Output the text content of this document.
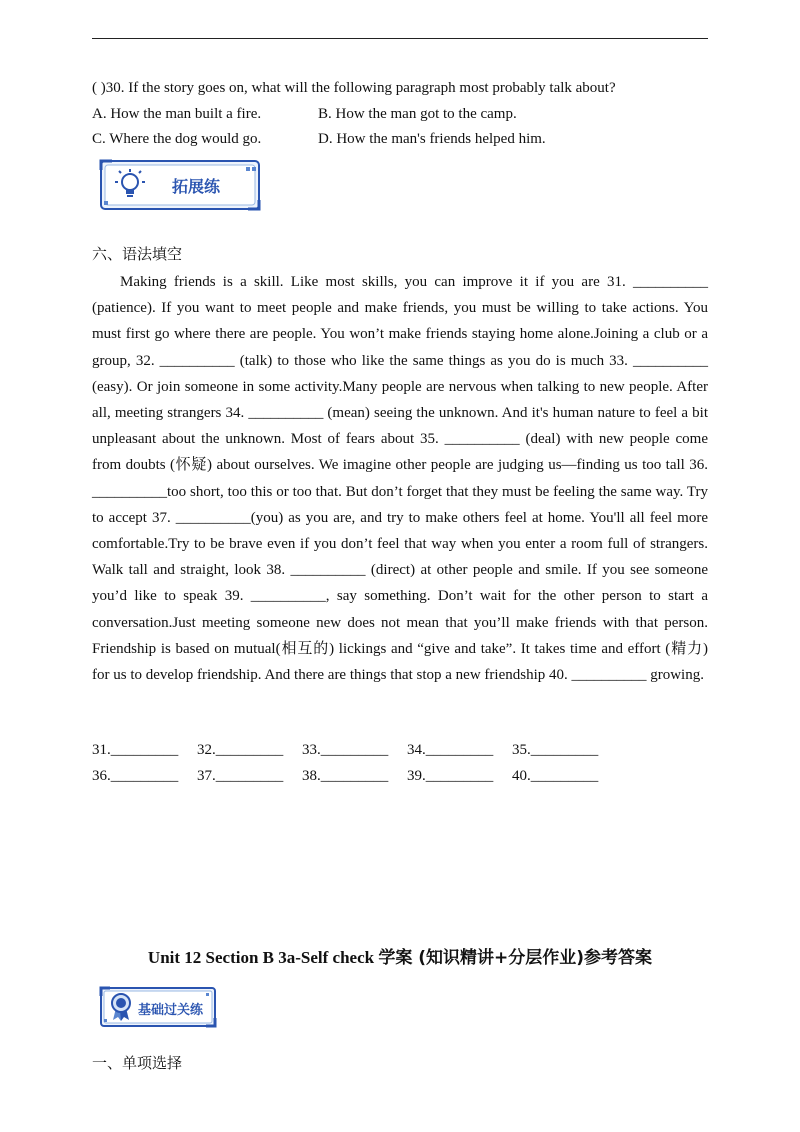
( )30. If the story goes on, what will the following paragraph most probably talk about?
A. How the man built a fire.	B. How the man got to the camp.
C. Where the dog would go.	D. How the man's friends helped him.
拓展练
六、语法填空
Making friends is a skill. Like most skills, you can improve it if you are 31. __________ (patience). If you want to meet people and make friends, you must be willing to take actions. You must first go where there are people. You won’t make friends staying home alone.Joining a club or a group, 32. __________ (talk) to those who like the same things as you do is much 33. __________ (easy). Or join someone in some activity.Many people are nervous when talking to new people. After all, meeting strangers 34. __________ (mean) seeing the unknown. And it's human nature to feel a bit unpleasant about the unknown. Most of fears about 35. __________ (deal) with new people come from doubts (怀疑) about ourselves. We imagine other people are judging us—finding us too tall 36. __________too short, too this or too that. But don’t forget that they must be feeling the same way. Try to accept 37. __________(you) as you are, and try to make others feel at home. You'll all feel more comfortable.Try to be brave even if you don’t feel that way when you enter a room full of strangers. Walk tall and straight, look 38. __________ (direct) at other people and smile. If you see someone you’d like to speak 39. __________, say something. Don’t wait for the other person to start a conversation.Just meeting someone new does not mean that you’ll make friends with that person. Friendship is based on mutual(相互的) lickings and “give and take”. It takes time and effort (精力) for us to develop friendship. And there are things that stop a new friendship 40. __________ growing.
31._________ 32._________ 33._________ 34._________ 35._________
36._________ 37._________ 38._________ 39._________ 40._________
Unit 12 Section B 3a-Self check 学案 (知识精讲+分层作业)参考答案
基础过关练
一、单项选择
